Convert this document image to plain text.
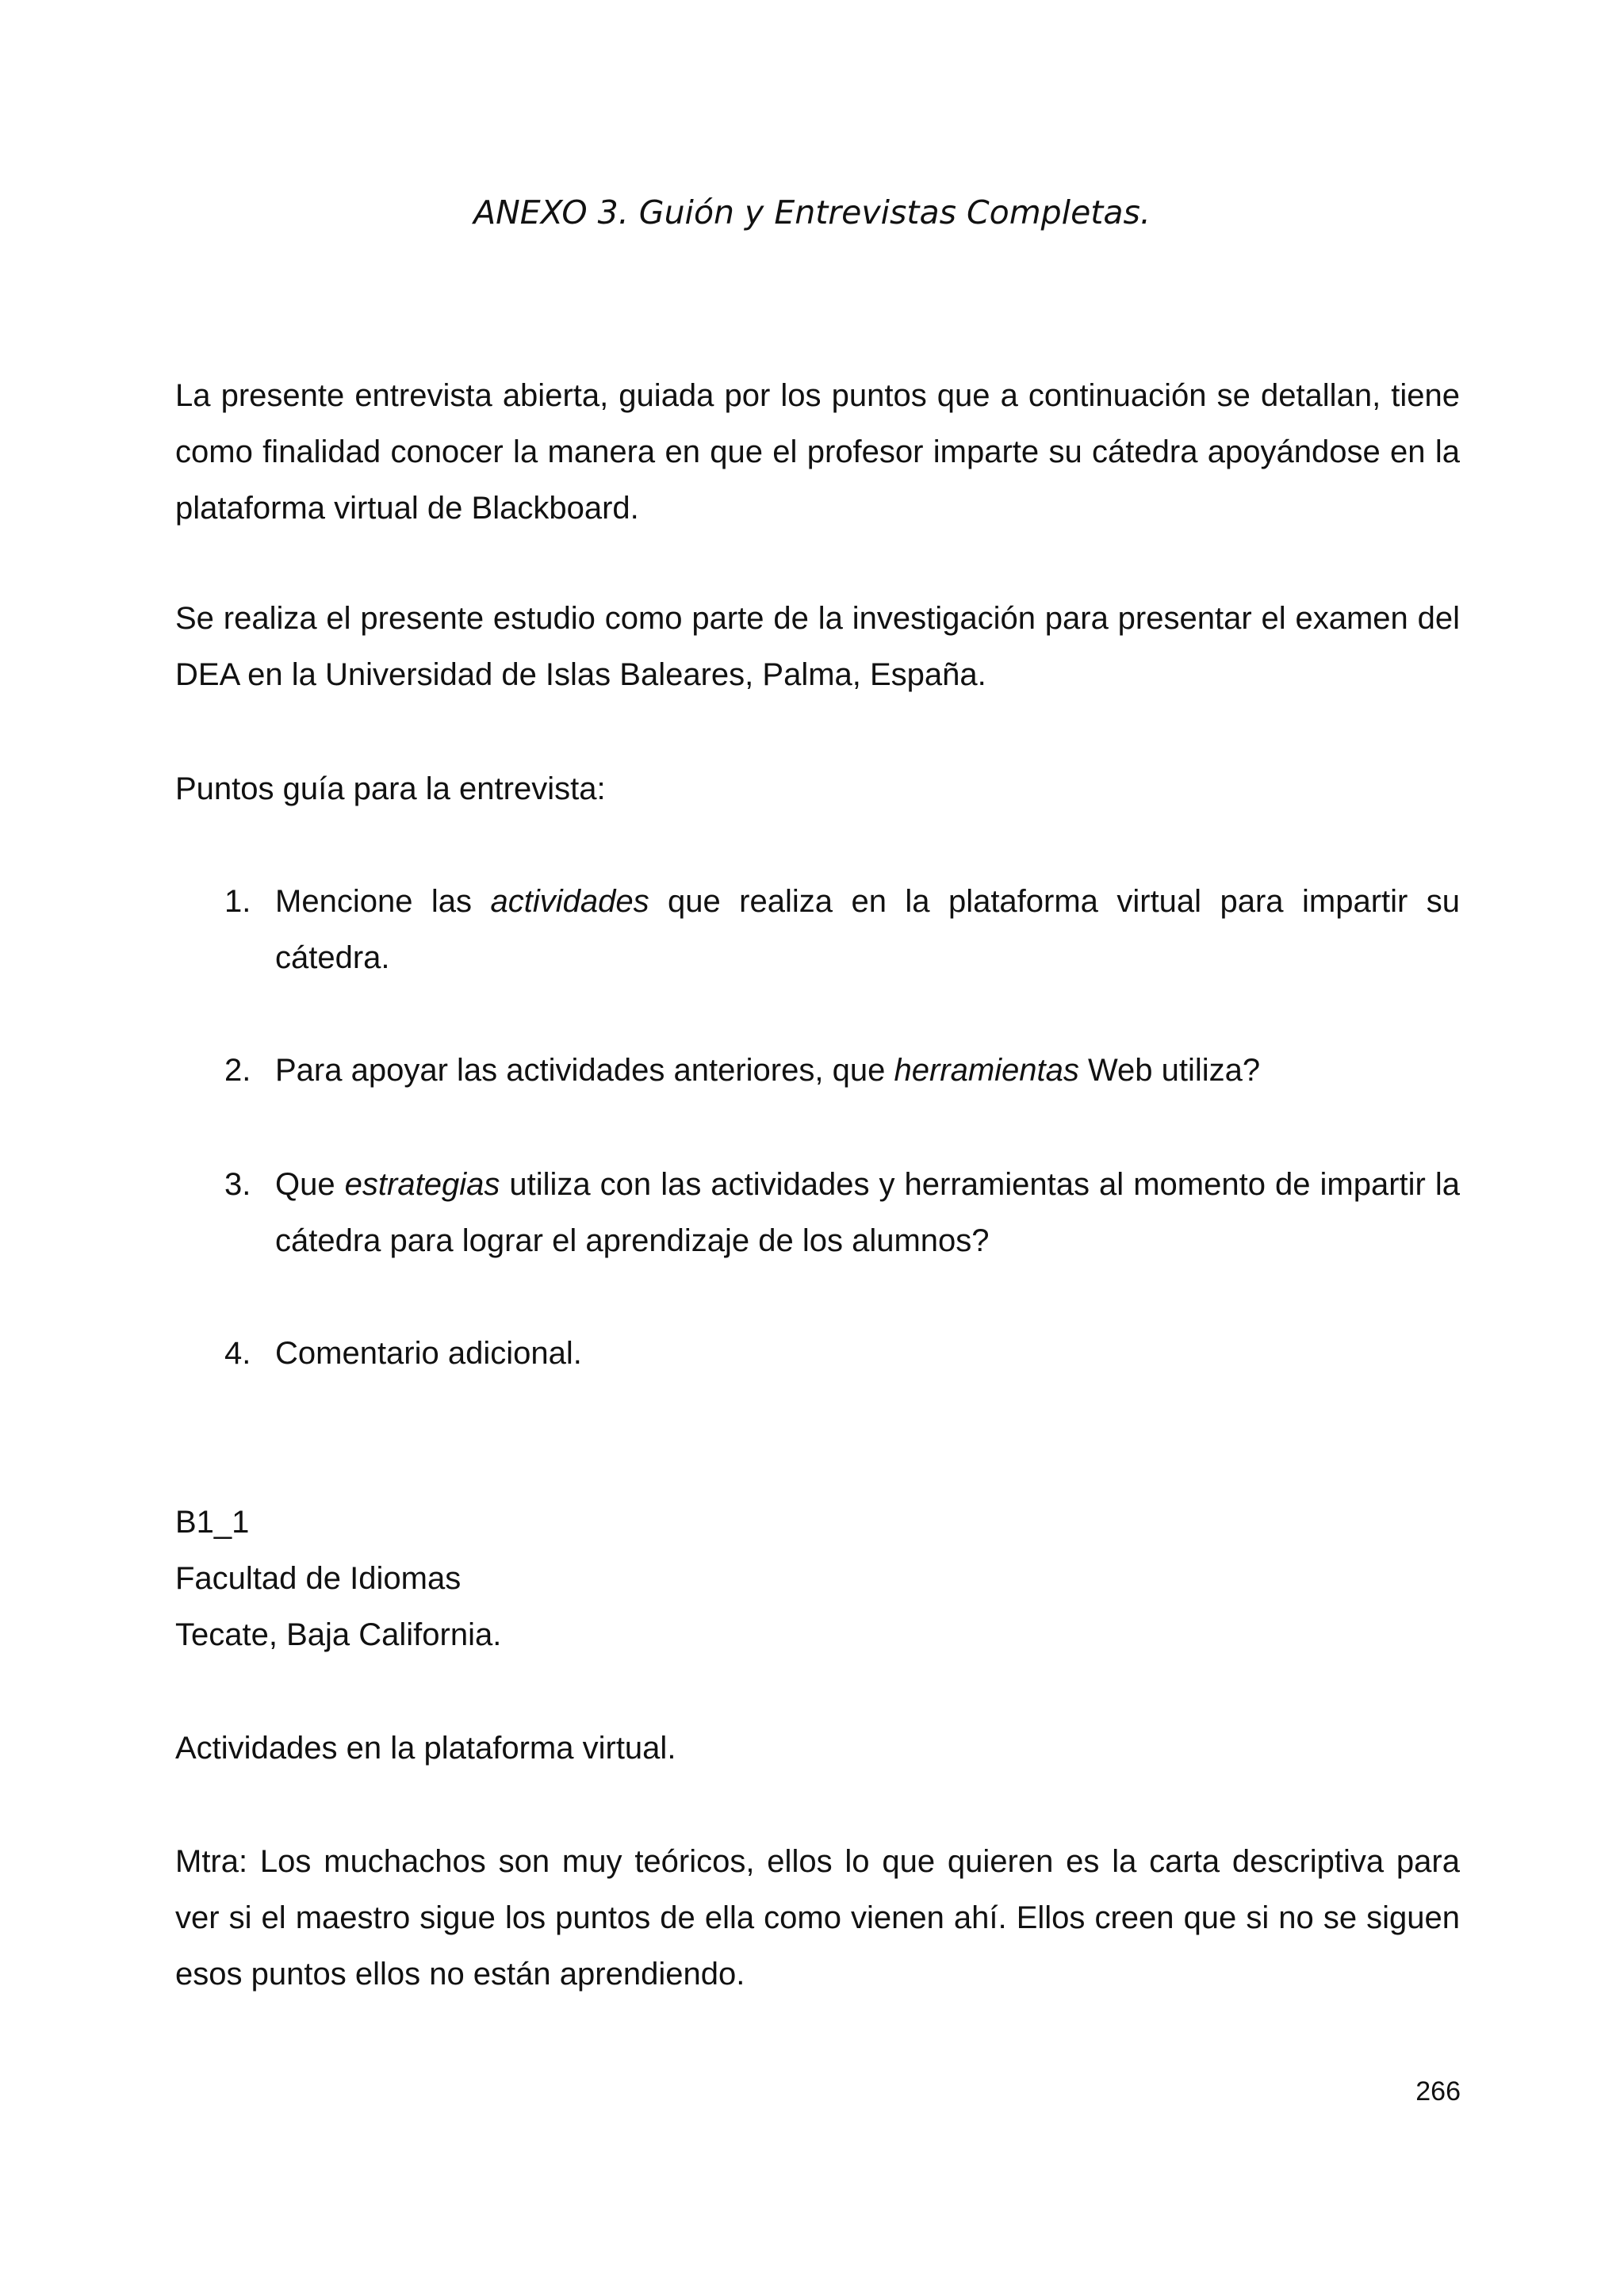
ANEXO 3. Guión y Entrevistas Completas.

La presente entrevista abierta, guiada por los puntos que a continuación se detallan, tiene como finalidad conocer la manera en que el profesor imparte su cátedra apoyándose en la plataforma virtual de Blackboard.

Se realiza el presente estudio como parte de la investigación para presentar el examen del DEA en la Universidad de Islas Baleares, Palma, España.

Puntos guía para la entrevista:

1. Mencione las actividades que realiza en la plataforma virtual para impartir su cátedra.
2. Para apoyar las actividades anteriores, que herramientas Web utiliza?
3. Que estrategias utiliza con las actividades y herramientas al momento de impartir la cátedra para lograr el aprendizaje de los alumnos?
4. Comentario adicional.
B1_1
Facultad de Idiomas
Tecate, Baja California.

Actividades en la plataforma virtual.

Mtra: Los muchachos son muy teóricos, ellos lo que quieren es la carta descriptiva para ver si el maestro sigue los puntos de ella como vienen ahí. Ellos creen que si no se siguen esos puntos ellos no están aprendiendo.

266
